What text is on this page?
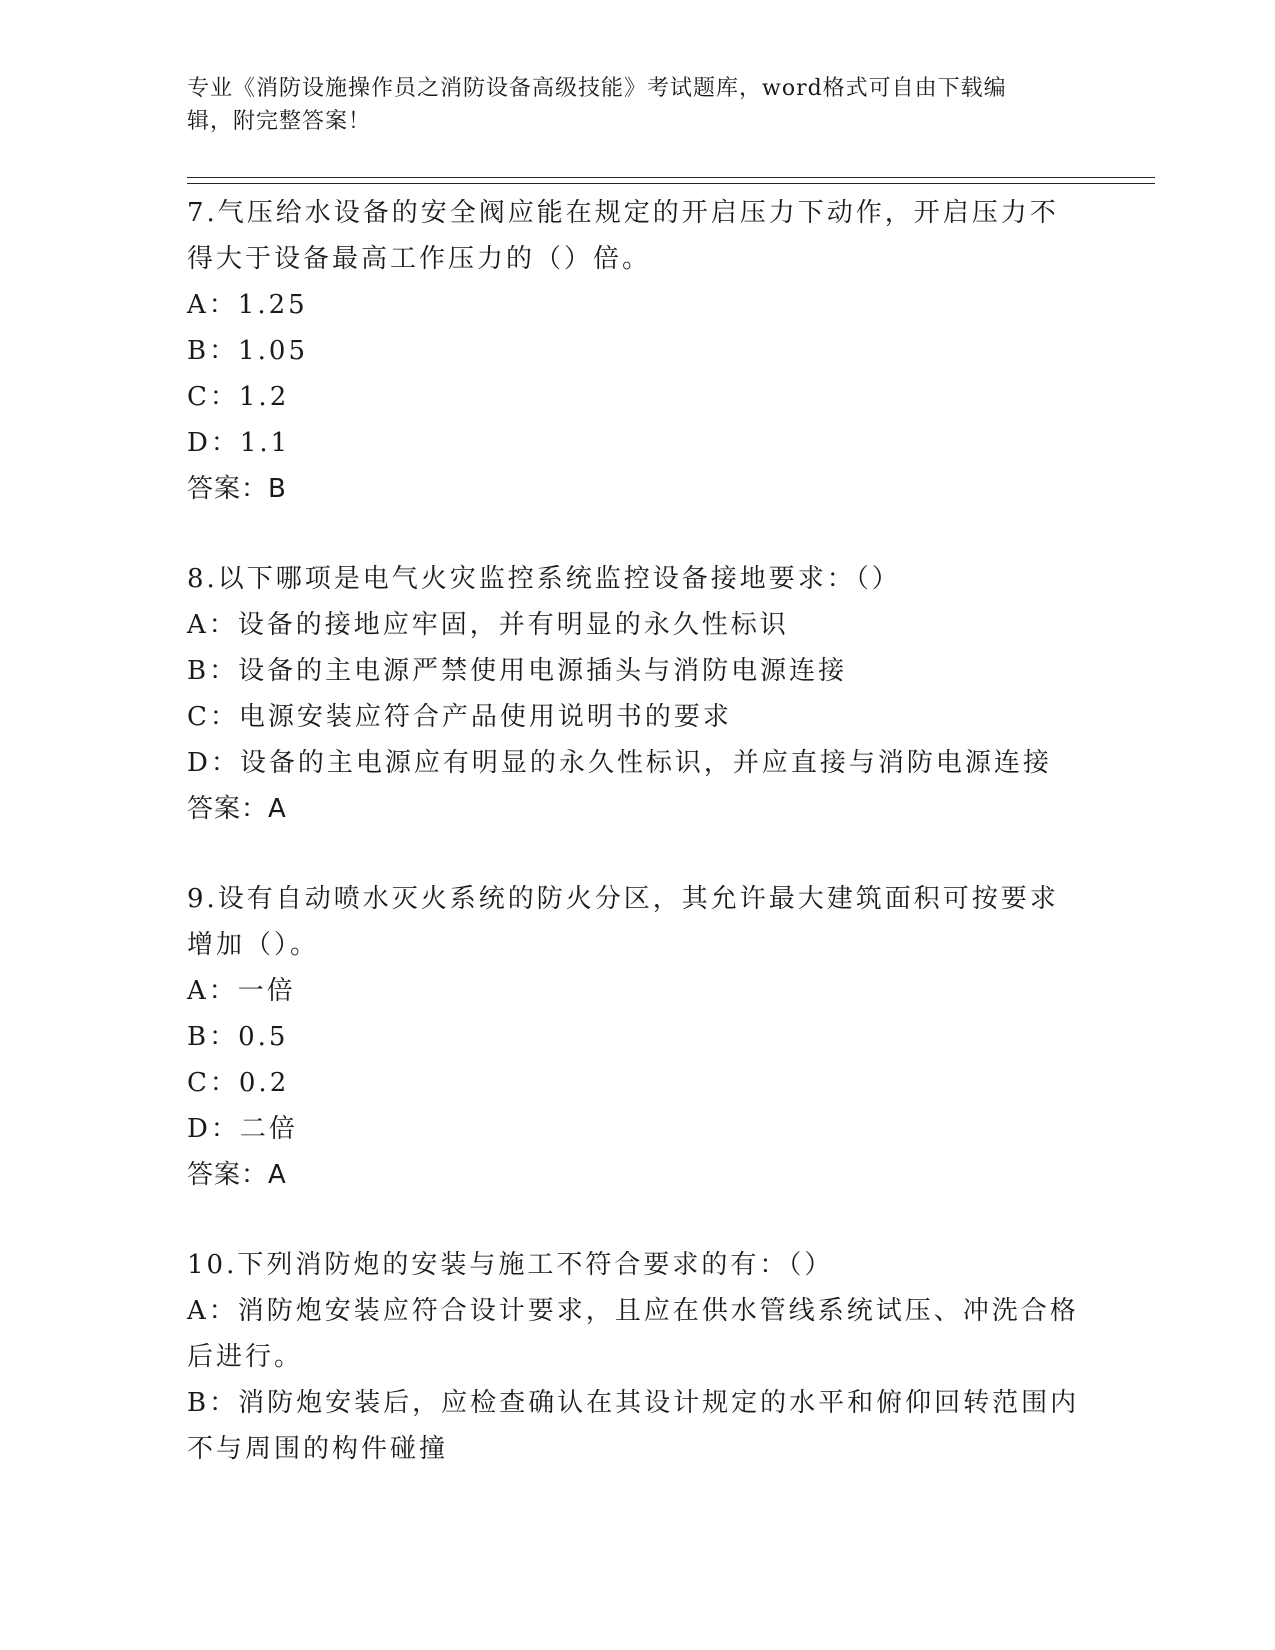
专业《消防设施操作员之消防设备高级技能》考试题库，word格式可自由下载编
辑，附完整答案！
7.气压给水设备的安全阀应能在规定的开启压力下动作，开启压力不
得大于设备最高工作压力的（）倍。
A：1.25
B：1.05
C：1.2
D：1.1
答案：B
8.以下哪项是电气火灾监控系统监控设备接地要求：（）
A：设备的接地应牢固，并有明显的永久性标识
B：设备的主电源严禁使用电源插头与消防电源连接
C：电源安装应符合产品使用说明书的要求
D：设备的主电源应有明显的永久性标识，并应直接与消防电源连接
答案：A
9.设有自动喷水灭火系统的防火分区，其允许最大建筑面积可按要求
增加（）。
A：一倍
B：0.5
C：0.2
D：二倍
答案：A
10.下列消防炮的安装与施工不符合要求的有：（）
A：消防炮安装应符合设计要求，且应在供水管线系统试压、冲洗合格
后进行。
B：消防炮安装后，应检查确认在其设计规定的水平和俯仰回转范围内
不与周围的构件碰撞
